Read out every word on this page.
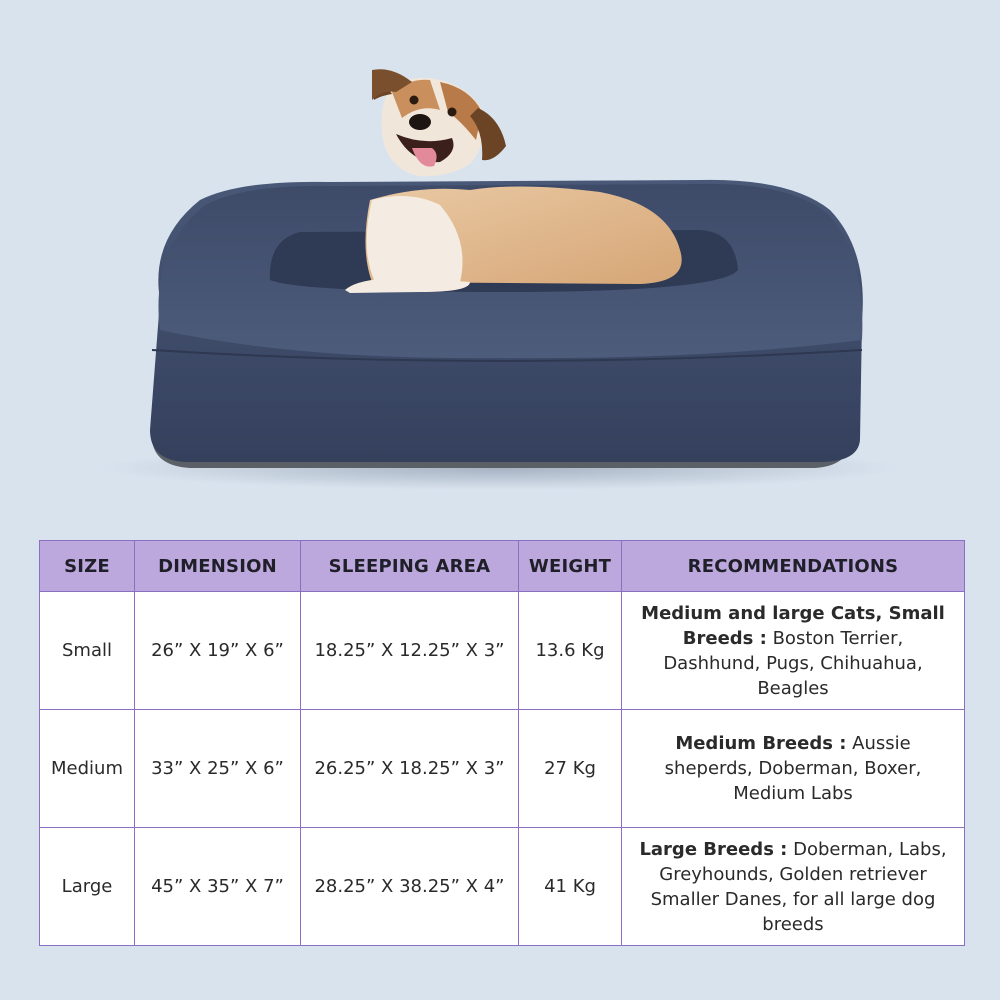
SIZE	DIMENSION	SLEEPING AREA	WEIGHT	RECOMMENDATIONS
Small	26” X 19” X 6”	18.25” X 12.25” X 3”	13.6 Kg	Medium and large Cats, Small Breeds : Boston Terrier, Dashhund, Pugs, Chihuahua, Beagles
Medium	33” X 25” X 6”	26.25” X 18.25” X 3”	27 Kg	Medium Breeds : Aussie sheperds, Doberman, Boxer, Medium Labs
Large	45” X 35” X 7”	28.25” X 38.25” X 4”	41 Kg	Large Breeds : Doberman, Labs, Greyhounds, Golden retriever Smaller Danes, for all large dog breeds
